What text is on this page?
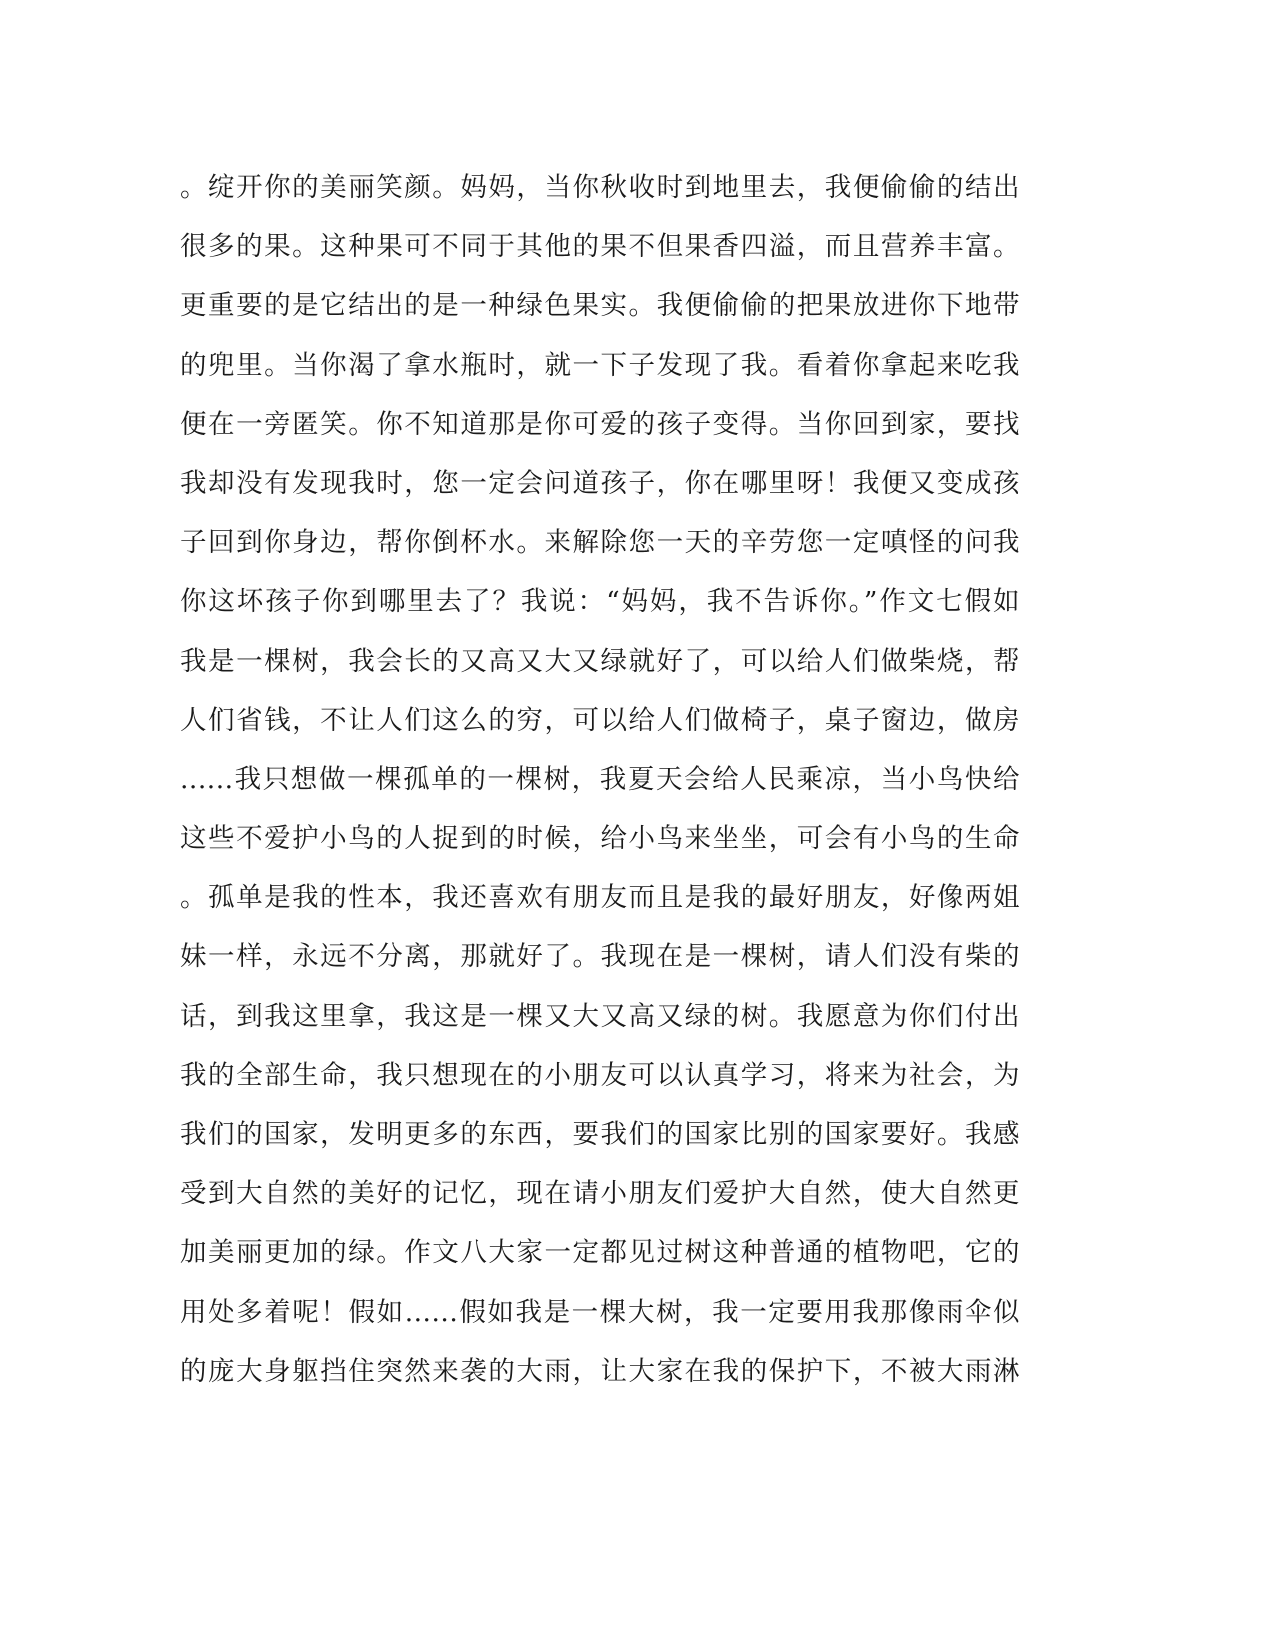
。绽开你的美丽笑颜。妈妈，当你秋收时到地里去，我便偷偷的结出
很多的果。这种果可不同于其他的果不但果香四溢，而且营养丰富。
更重要的是它结出的是一种绿色果实。我便偷偷的把果放进你下地带
的兜里。当你渴了拿水瓶时，就一下子发现了我。看着你拿起来吃我
便在一旁匿笑。你不知道那是你可爱的孩子变得。当你回到家，要找
我却没有发现我时，您一定会问道孩子，你在哪里呀！我便又变成孩
子回到你身边，帮你倒杯水。来解除您一天的辛劳您一定嗔怪的问我
你这坏孩子你到哪里去了？我说：“妈妈，我不告诉你。”作文七假如
我是一棵树，我会长的又高又大又绿就好了，可以给人们做柴烧，帮
人们省钱，不让人们这么的穷，可以给人们做椅子，桌子窗边，做房
......我只想做一棵孤单的一棵树，我夏天会给人民乘凉，当小鸟快给
这些不爱护小鸟的人捉到的时候，给小鸟来坐坐，可会有小鸟的生命
。孤单是我的性本，我还喜欢有朋友而且是我的最好朋友，好像两姐
妹一样，永远不分离，那就好了。我现在是一棵树，请人们没有柴的
话，到我这里拿，我这是一棵又大又高又绿的树。我愿意为你们付出
我的全部生命，我只想现在的小朋友可以认真学习，将来为社会，为
我们的国家，发明更多的东西，要我们的国家比别的国家要好。我感
受到大自然的美好的记忆，现在请小朋友们爱护大自然，使大自然更
加美丽更加的绿。作文八大家一定都见过树这种普通的植物吧，它的
用处多着呢！假如......假如我是一棵大树，我一定要用我那像雨伞似
的庞大身躯挡住突然来袭的大雨，让大家在我的保护下，不被大雨淋
